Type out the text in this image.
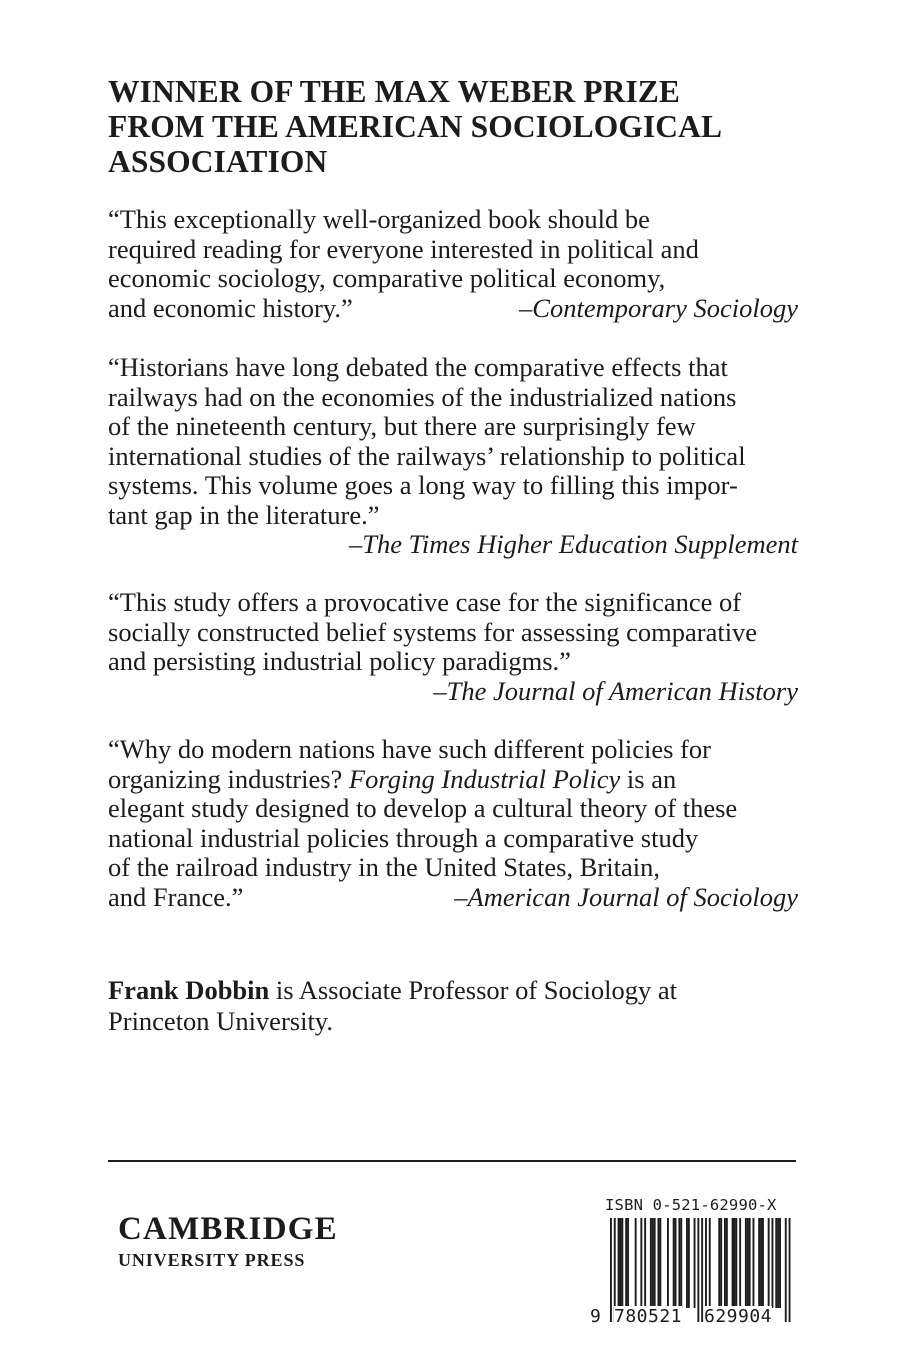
WINNER OF THE MAX WEBER PRIZE
FROM THE AMERICAN SOCIOLOGICAL
ASSOCIATION
“This exceptionally well-organized book should be
required reading for everyone interested in political and
economic sociology, comparative political economy,
and economic history.”	–Contemporary Sociology
“Historians have long debated the comparative effects that
railways had on the economies of the industrialized nations
of the nineteenth century, but there are surprisingly few
international studies of the railways’ relationship to political
systems. This volume goes a long way to filling this impor-
tant gap in the literature.”
–The Times Higher Education Supplement
“This study offers a provocative case for the significance of
socially constructed belief systems for assessing comparative
and persisting industrial policy paradigms.”
–The Journal of American History
“Why do modern nations have such different policies for
organizing industries? Forging Industrial Policy is an
elegant study designed to develop a cultural theory of these
national industrial policies through a comparative study
of the railroad industry in the United States, Britain,
and France.”	–American Journal of Sociology
Frank Dobbin is Associate Professor of Sociology at
Princeton University.
CAMBRIDGE
UNIVERSITY PRESS
ISBN 0-521-62990-X
9 780521 629904
